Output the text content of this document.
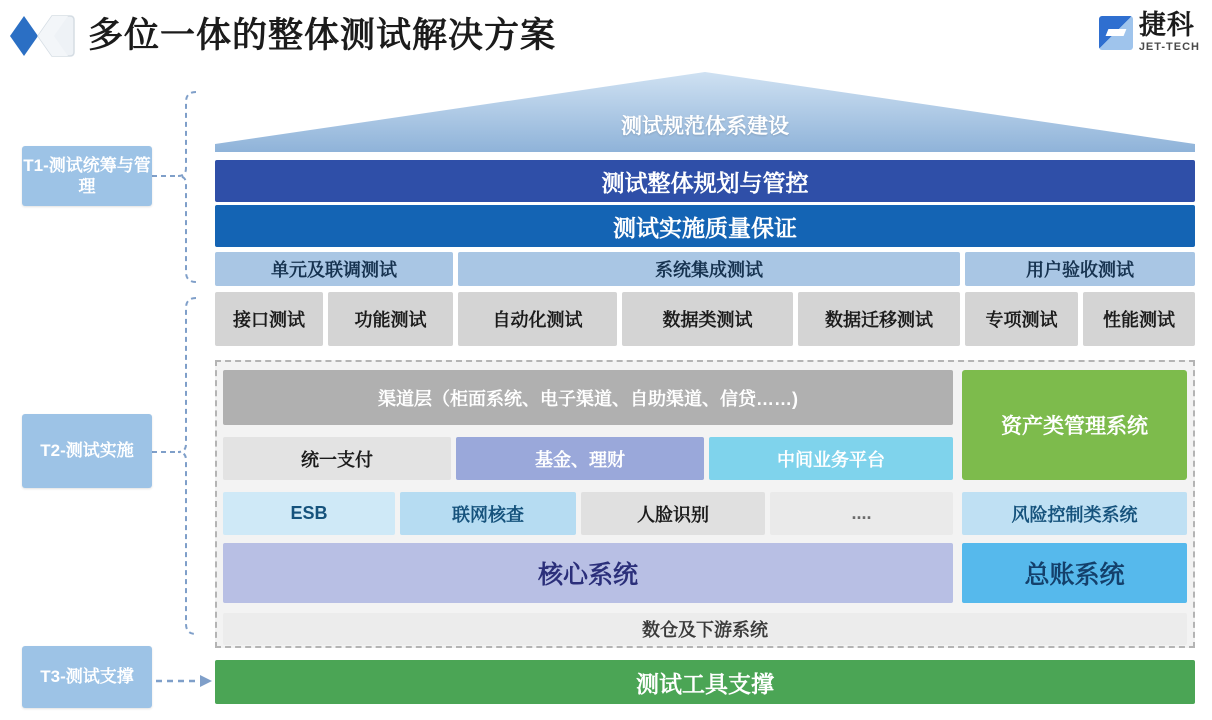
多位一体的整体测试解决方案	捷科
JET-TECH
T1-测试统筹与管理
T2-测试实施
T3-测试支撑
测试规范体系建设
测试整体规划与管控
测试实施质量保证
单元及联调测试	系统集成测试	用户验收测试
接口测试	功能测试	自动化测试	数据类测试	数据迁移测试	专项测试	性能测试
渠道层（柜面系统、电子渠道、自助渠道、信贷……)
资产类管理系统
统一支付	基金、理财	中间业务平台
ESB	联网核查	人脸识别	....	风险控制类系统
核心系统	总账系统
数仓及下游系统
测试工具支撑
